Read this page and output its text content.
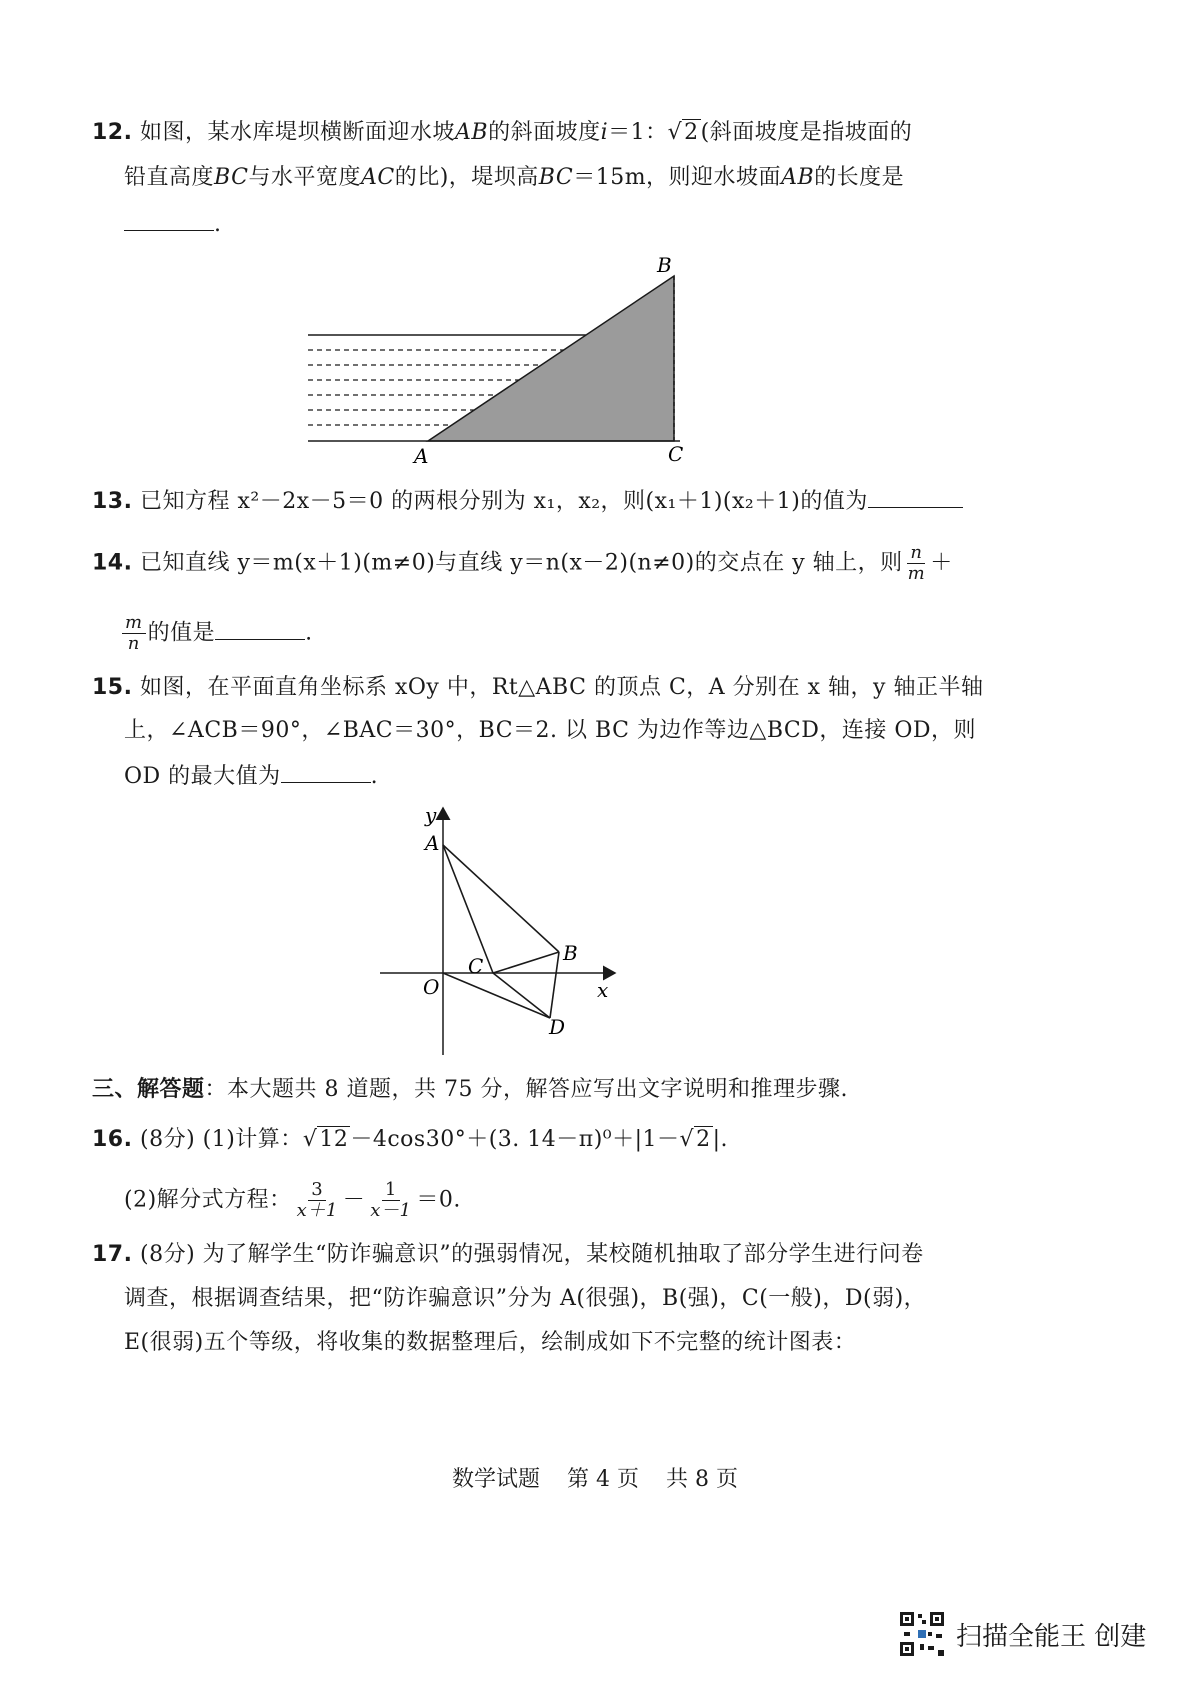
12. 如图，某水库堤坝横断面迎水坡AB的斜面坡度i＝1：√2(斜面坡度是指坡面的
铅直高度BC与水平宽度AC的比)，堤坝高BC＝15m，则迎水坡面AB的长度是
.
B
A	C
13. 已知方程 x²－2x－5＝0 的两根分别为 x₁，x₂，则(x₁＋1)(x₂＋1)的值为
14. 已知直线 y＝m(x＋1)(m≠0)与直线 y＝n(x－2)(n≠0)的交点在 y 轴上，则 $\frac{n}{m}$ ＋
$\frac{m}{n}$ 的值是	.
15. 如图，在平面直角坐标系 xOy 中，Rt△ABC 的顶点 C，A 分别在 x 轴，y 轴正半轴
上，∠ACB＝90°，∠BAC＝30°，BC＝2. 以 BC 为边作等边△BCD，连接 OD，则
OD 的最大值为	.
y
A
B
C
O	x
D
三、解答题：本大题共 8 道题，共 75 分，解答应写出文字说明和推理步骤.
16. (8分) (1)计算：√12－4cos30°＋(3. 14－π)⁰＋|1－√2|.
(2)解分式方程： $\frac{3}{x+1} - \frac{1}{x-1} =0$.
17. (8分) 为了解学生“防诈骗意识”的强弱情况，某校随机抽取了部分学生进行问卷
调查，根据调查结果，把“防诈骗意识”分为 A(很强)，B(强)，C(一般)，D(弱)，
E(很弱)五个等级，将收集的数据整理后，绘制成如下不完整的统计图表：
数学试题 第 4 页 共 8 页
扫描全能王 创建
